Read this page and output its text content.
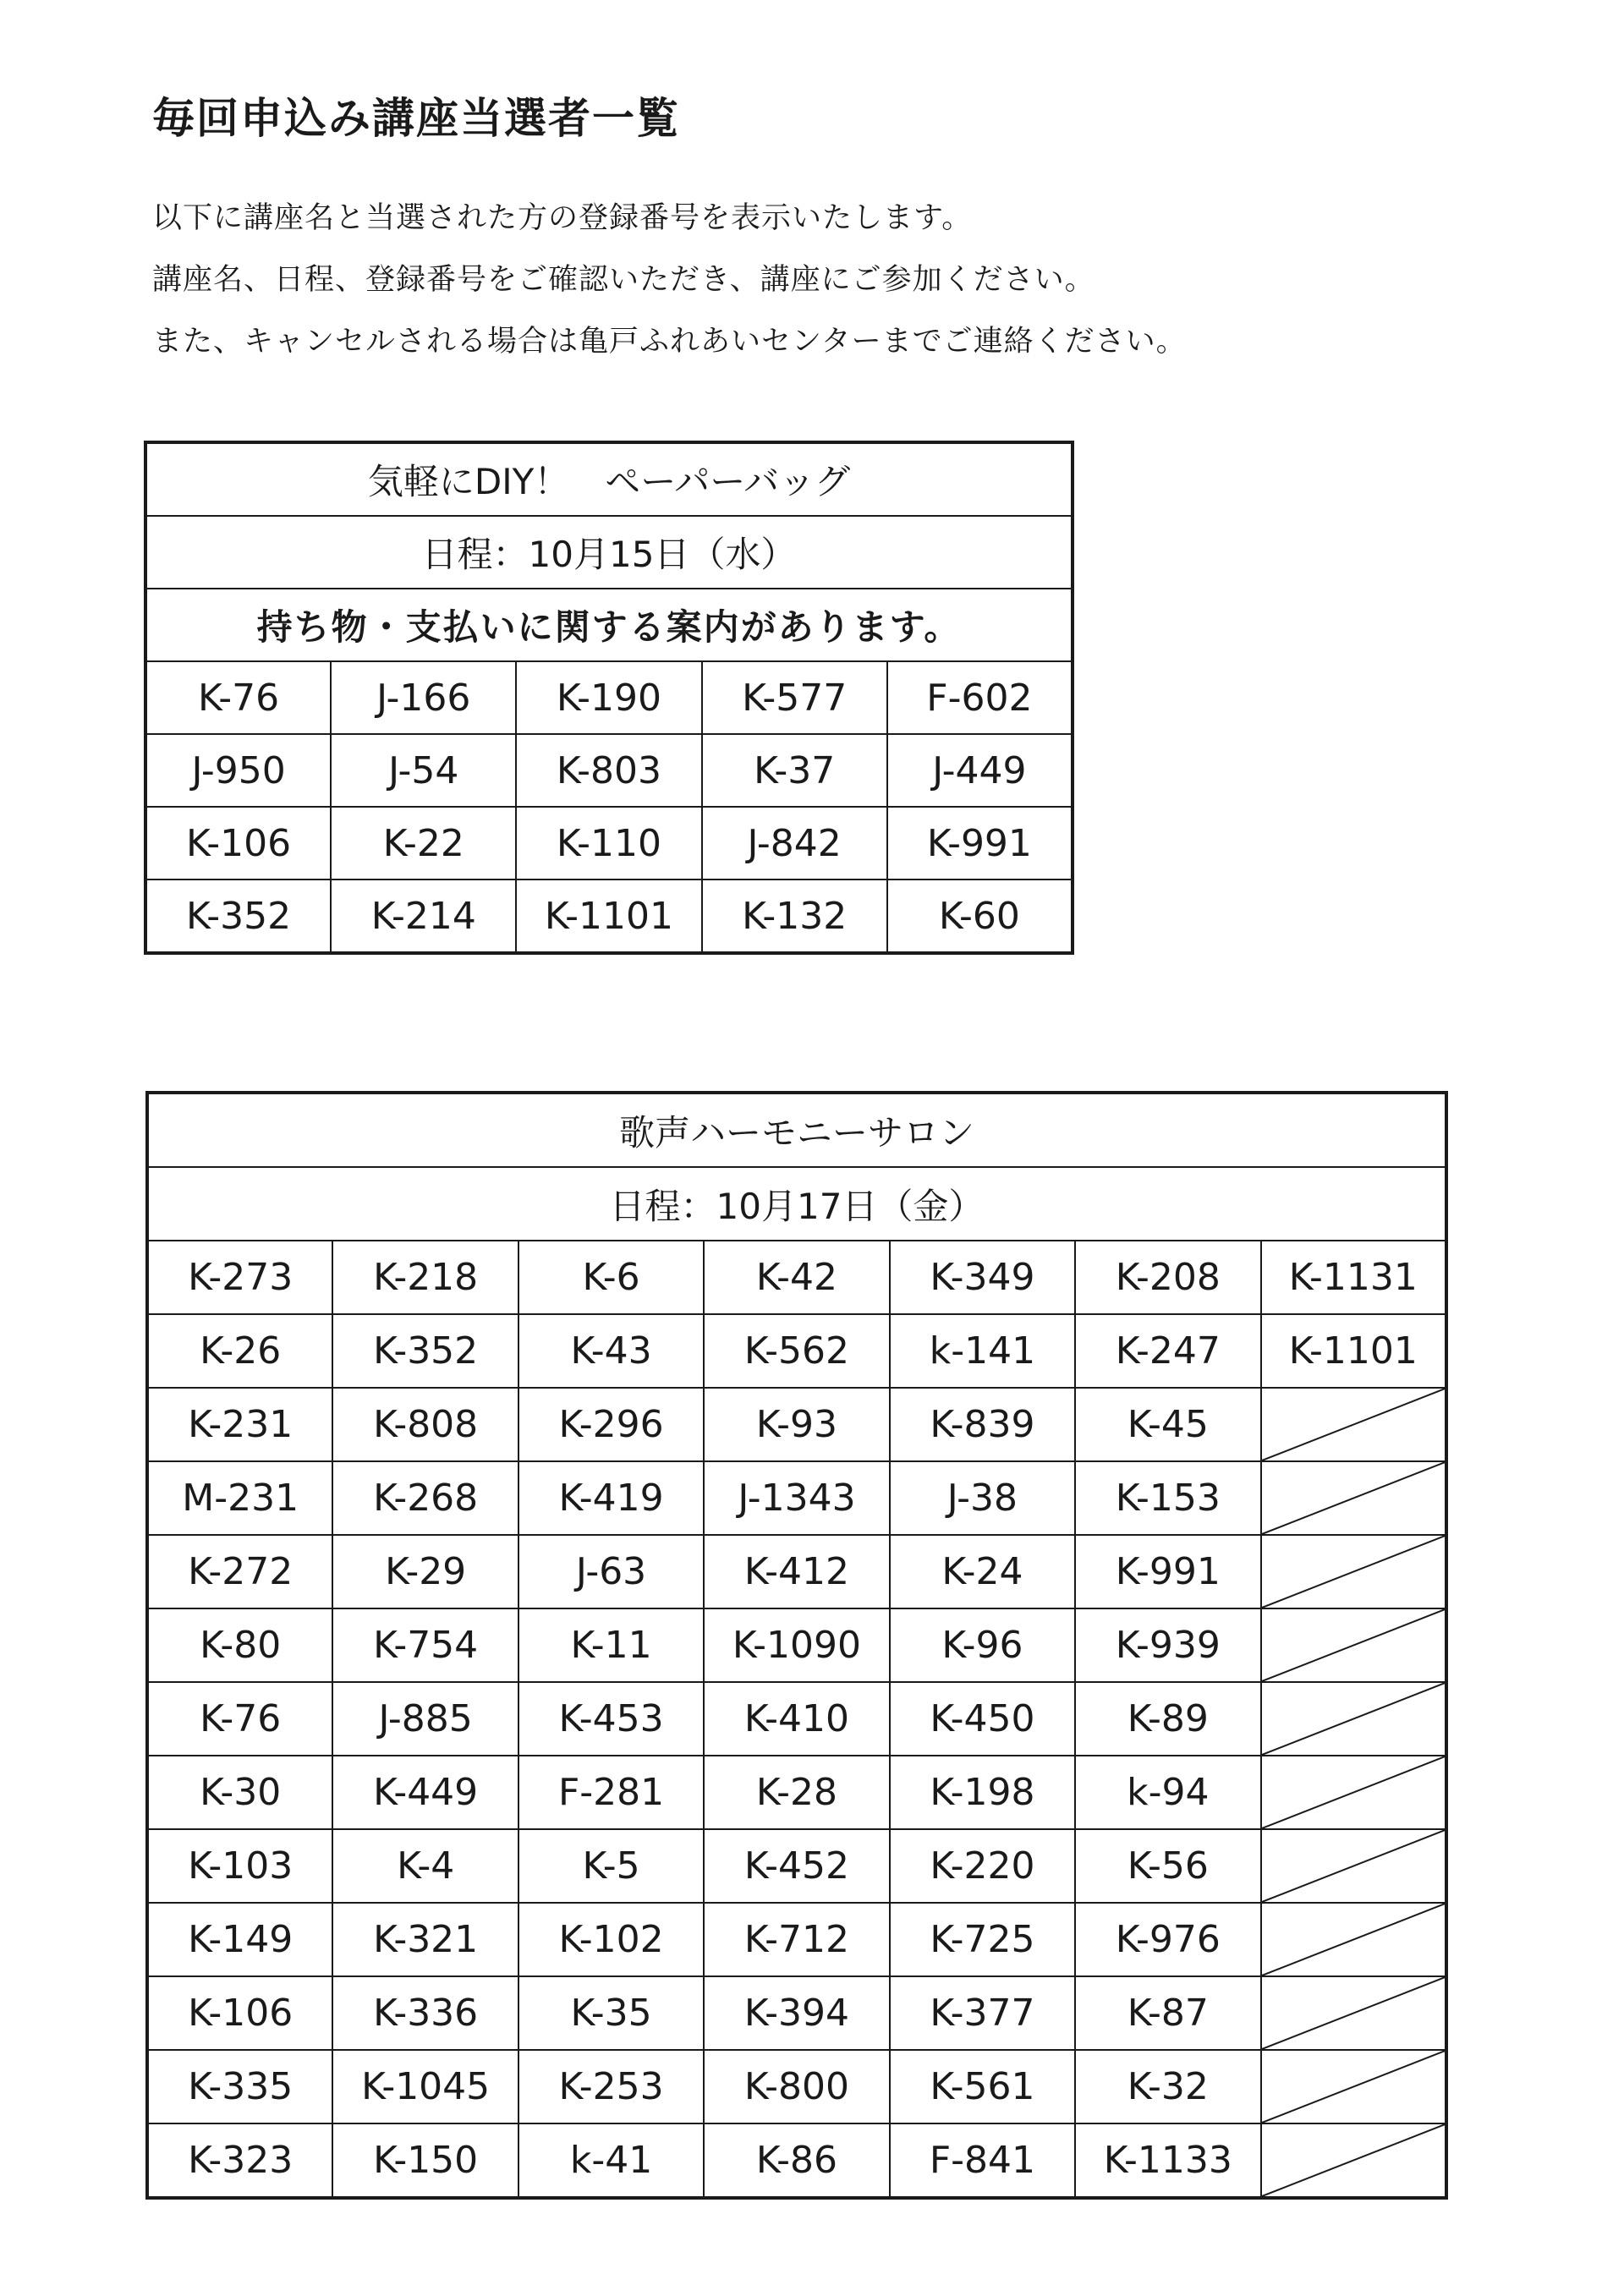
毎回申込み講座当選者一覧
以下に講座名と当選された方の登録番号を表示いたします。
講座名、日程、登録番号をご確認いただき、講座にご参加ください。
また、キャンセルされる場合は亀戸ふれあいセンターまでご連絡ください。
気軽にDIY！　ペーパーバッグ				
日程：10月15日（水）				
持ち物・支払いに関する案内があります。				
K-76	J-166	K-190	K-577	F-602
J-950	J-54	K-803	K-37	J-449
K-106	K-22	K-110	J-842	K-991
K-352	K-214	K-1101	K-132	K-60
歌声ハーモニーサロン						
日程：10月17日（金）						
K-273	K-218	K-6	K-42	K-349	K-208	K-1131
K-26	K-352	K-43	K-562	k-141	K-247	K-1101
K-231	K-808	K-296	K-93	K-839	K-45	

M-231	K-268	K-419	J-1343	J-38	K-153	

K-272	K-29	J-63	K-412	K-24	K-991	

K-80	K-754	K-11	K-1090	K-96	K-939	

K-76	J-885	K-453	K-410	K-450	K-89	

K-30	K-449	F-281	K-28	K-198	k-94	

K-103	K-4	K-5	K-452	K-220	K-56	

K-149	K-321	K-102	K-712	K-725	K-976	

K-106	K-336	K-35	K-394	K-377	K-87	

K-335	K-1045	K-253	K-800	K-561	K-32	

K-323	K-150	k-41	K-86	F-841	K-1133	
